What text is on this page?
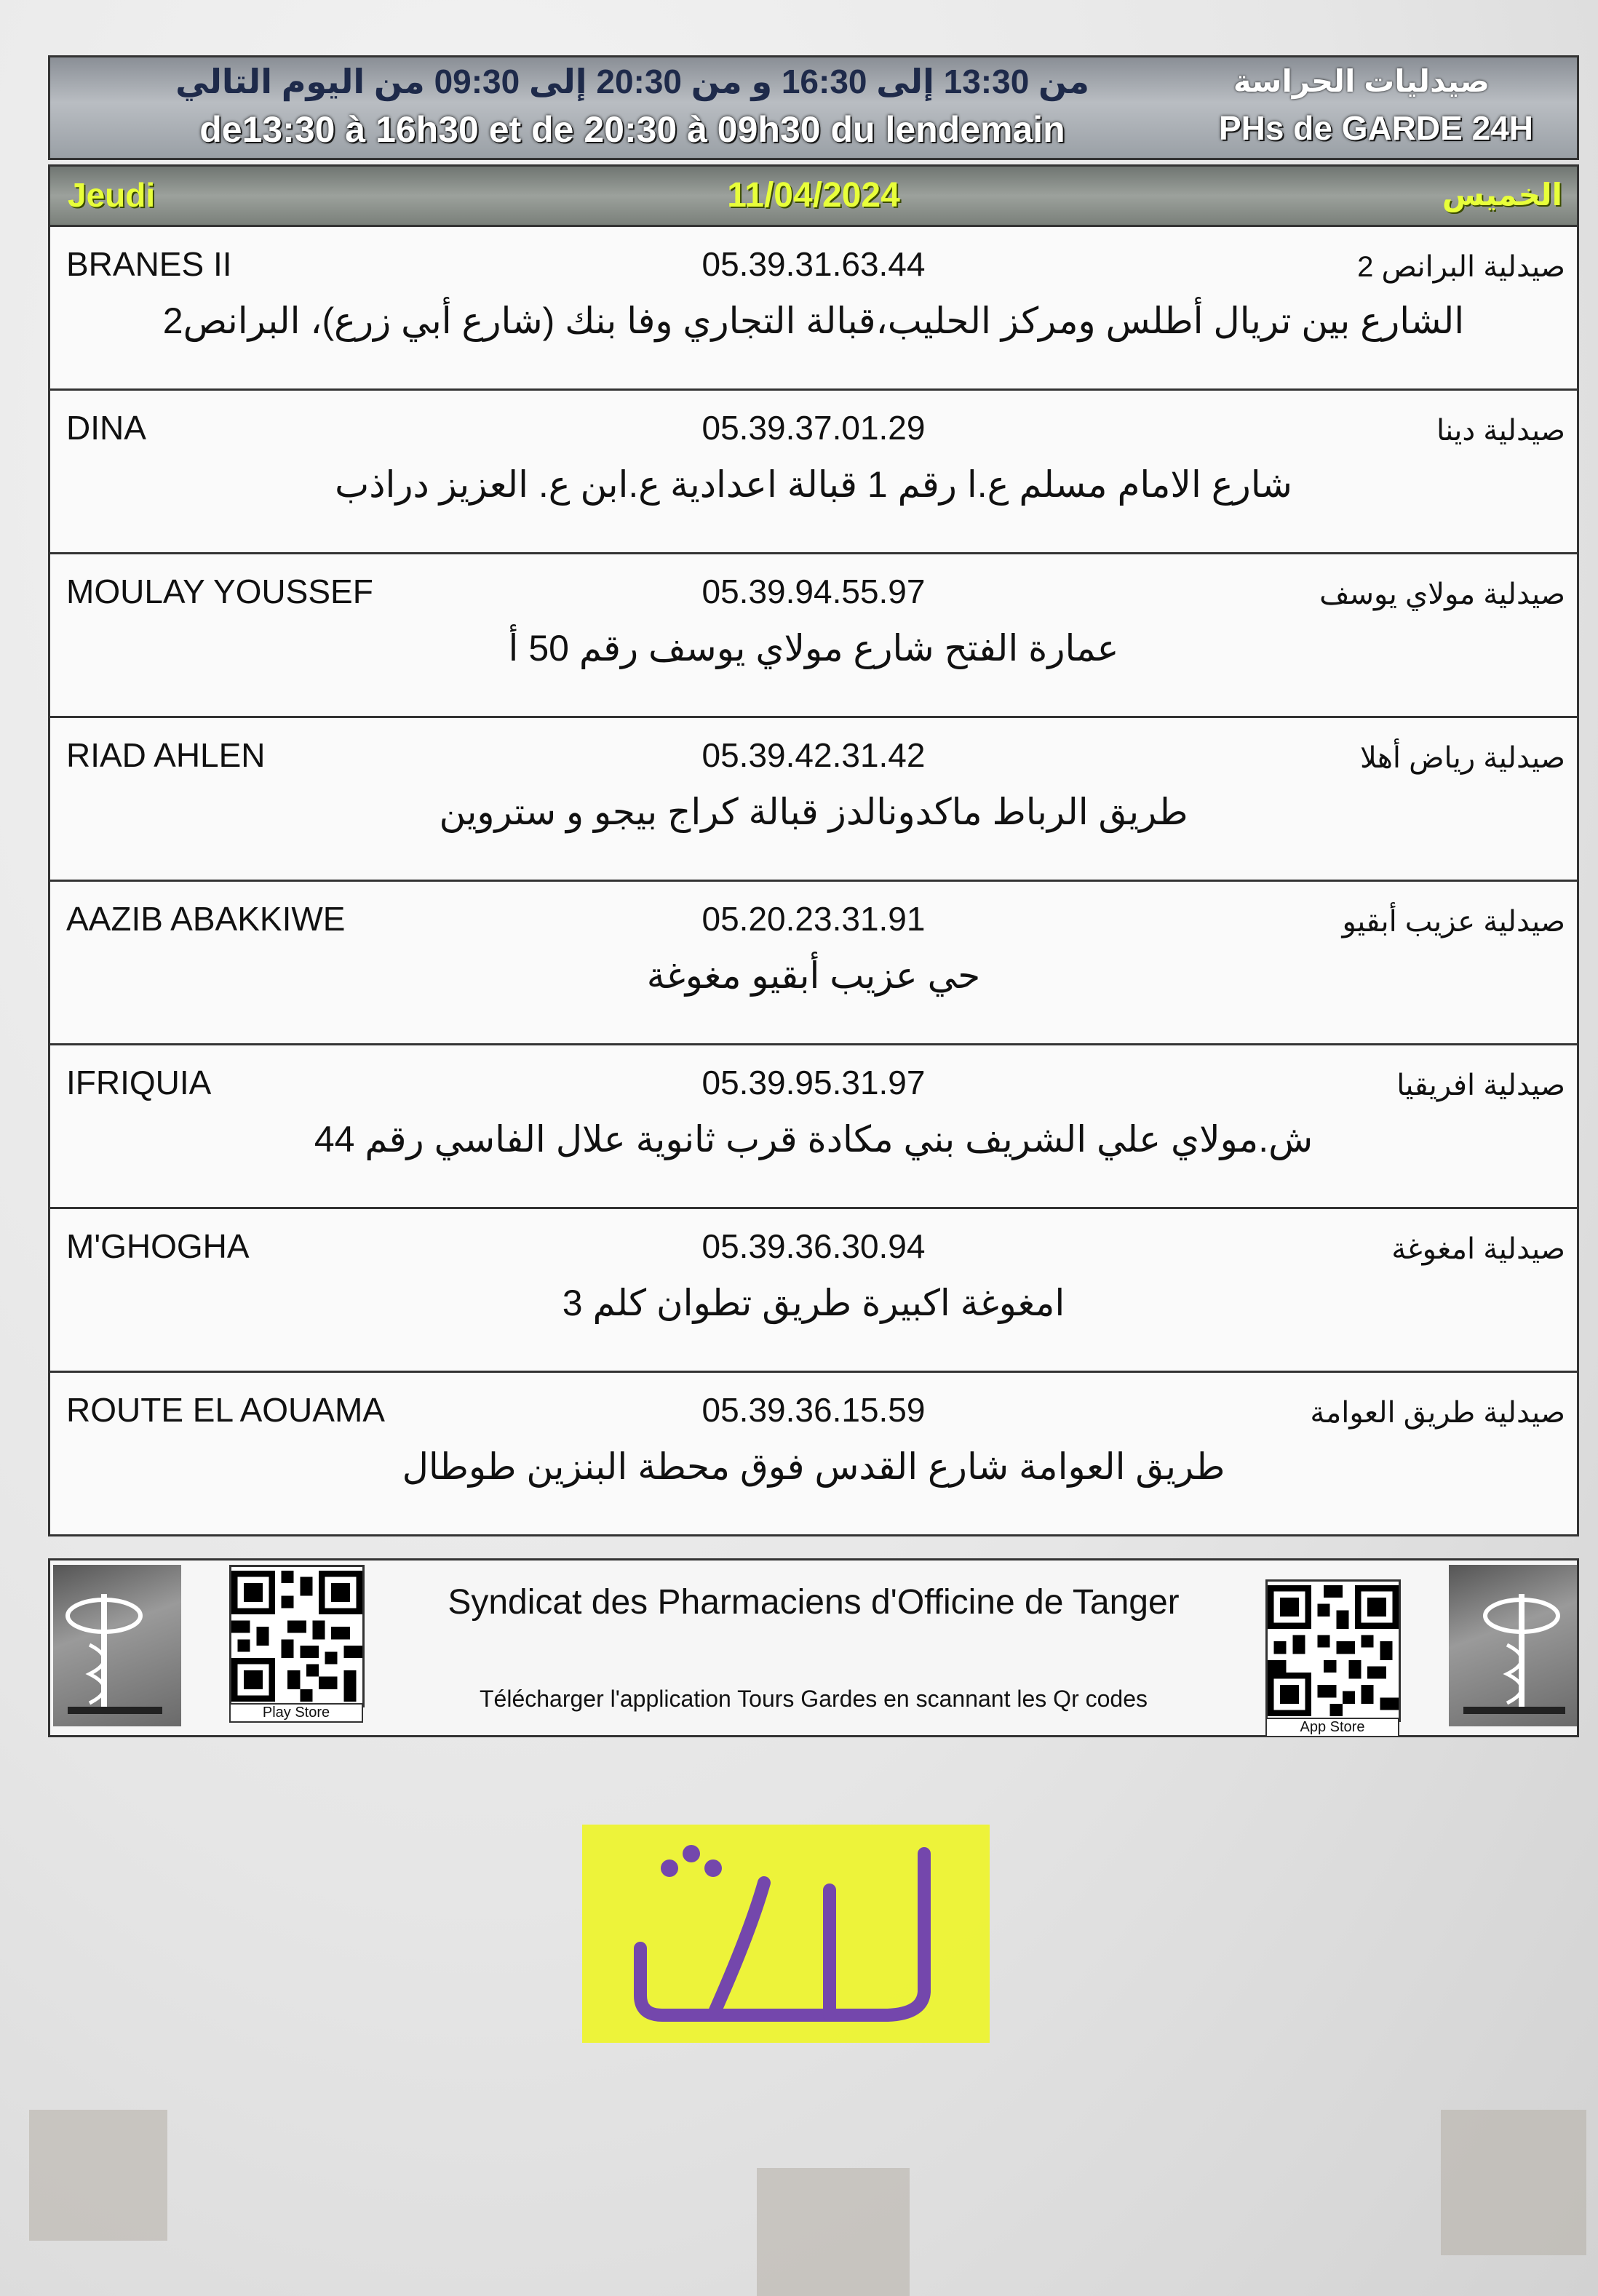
من 13:30 إلى 16:30 و من 20:30 إلى 09:30 من اليوم التالي
de13:30 à 16h30 et de 20:30 à 09h30 du lendemain
صيدليات الحراسة
PHs de GARDE 24H
Jeudi	11/04/2024	الخميس
BRANES II	05.39.31.63.44	صيدلية البرانص 2
الشارع بين تريال أطلس ومركز الحليب،قبالة التجاري وفا بنك (شارع أبي زرع)، البرانص2
DINA	05.39.37.01.29	صيدلية دينا
شارع الامام مسلم ع.ا رقم 1 قبالة اعدادية ع.ابن ع. العزيز دراذب
MOULAY YOUSSEF	05.39.94.55.97	صيدلية مولاي يوسف
عمارة الفتح شارع مولاي يوسف رقم 50 أ
RIAD AHLEN	05.39.42.31.42	صيدلية رياض أهلا
طريق الرباط ماكدونالدز قبالة كراج بيجو و ستروين
AAZIB ABAKKIWE	05.20.23.31.91	صيدلية عزيب أبقيو
حي عزيب أبقيو مغوغة
IFRIQUIA	05.39.95.31.97	صيدلية افريقيا
ش.مولاي علي الشريف بني مكادة قرب ثانوية علال الفاسي رقم 44
M'GHOGHA	05.39.36.30.94	صيدلية امغوغة
امغوغة اكبيرة طريق تطوان كلم 3
ROUTE EL AOUAMA	05.39.36.15.59	صيدلية طريق العوامة
طريق العوامة شارع القدس فوق محطة البنزين طوطال
Play Store
Syndicat des Pharmaciens d'Officine de Tanger
Télécharger l'application Tours Gardes en scannant les Qr codes
App Store
